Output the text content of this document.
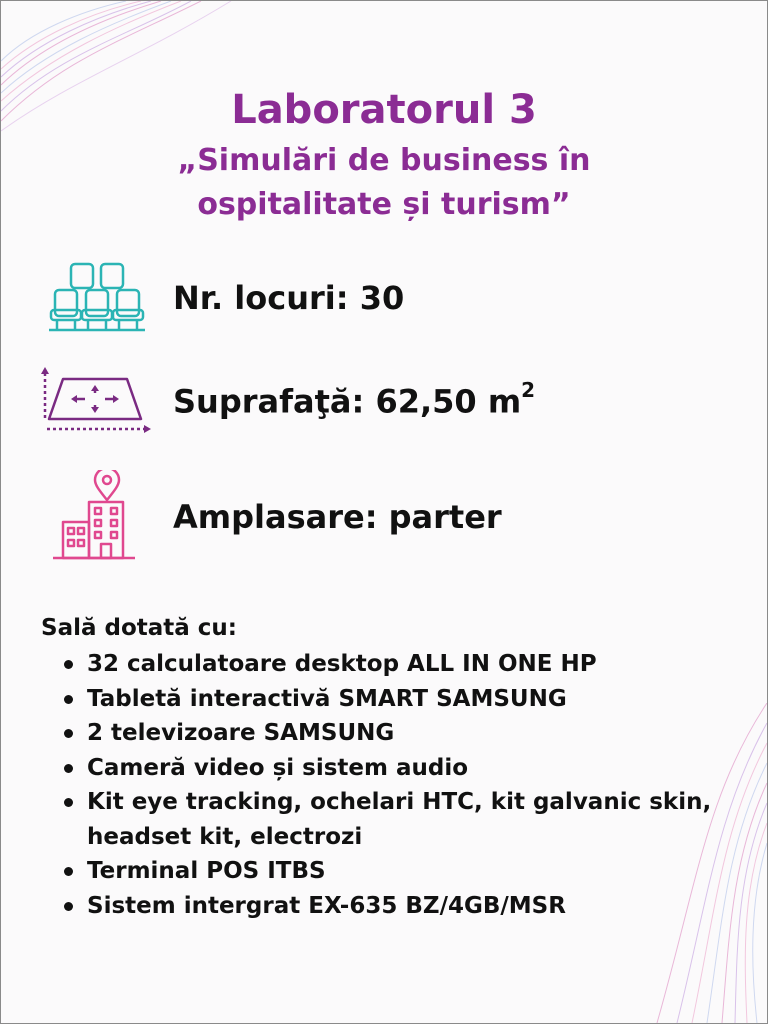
Laboratorul 3
„Simulări de business în ospitalitate și turism”
Nr. locuri: 30
Suprafaţă: 62,50 $m^2$
Amplasare: parter
Sală dotată cu:
32 calculatoare desktop ALL IN ONE HP
Tabletă interactivă SMART SAMSUNG
2 televizoare SAMSUNG
Cameră video și sistem audio
Kit eye tracking, ochelari HTC, kit galvanic skin, headset kit, electrozi
Terminal POS ITBS
Sistem intergrat EX-635 BZ/4GB/MSR
